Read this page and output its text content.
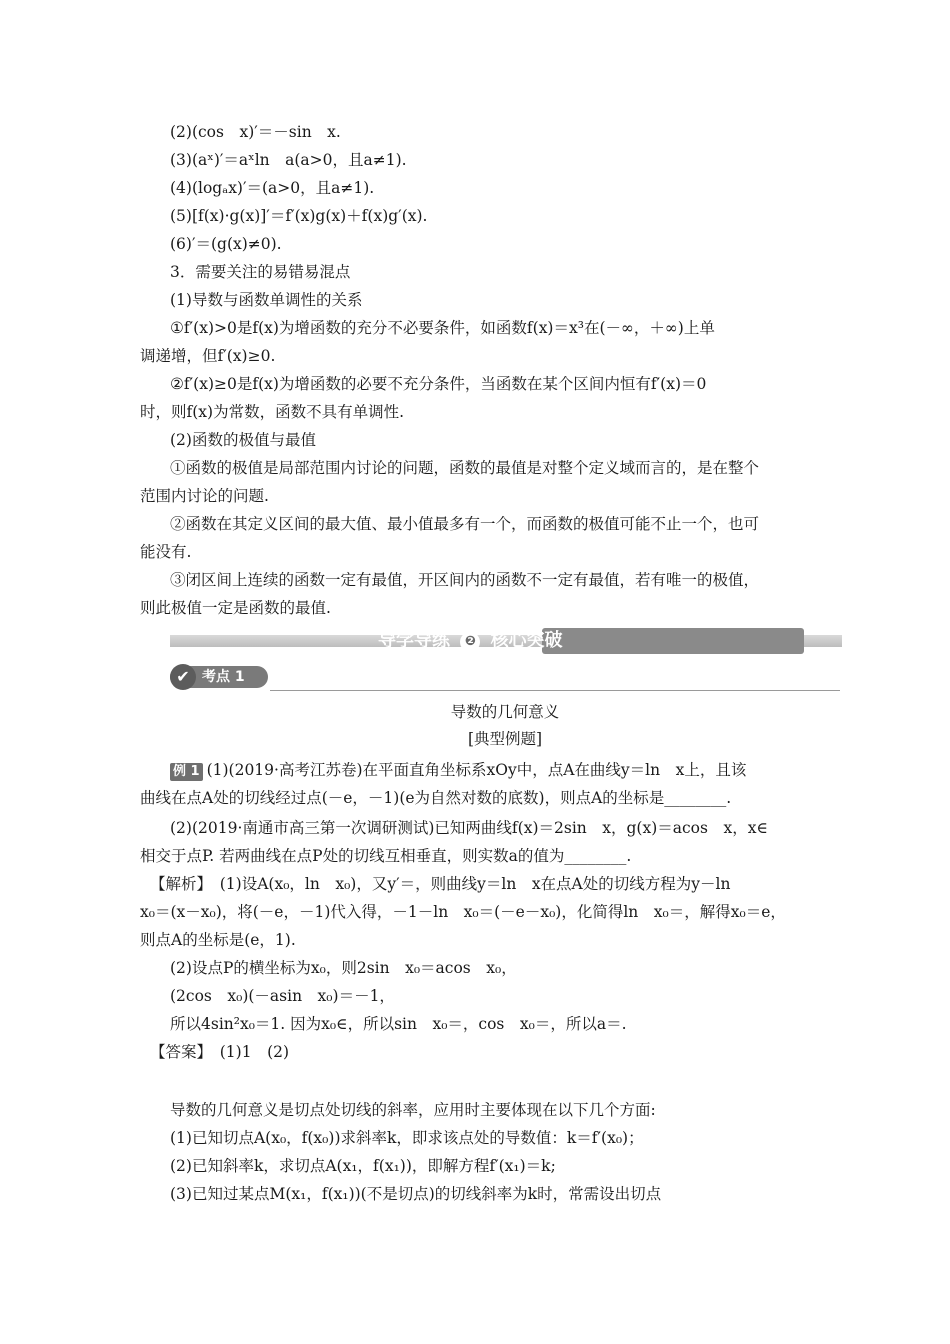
(2)(cos　x)′＝－sin　x.
(3)(aˣ)′＝aˣln　a(a>0，且a≠1).
(4)(logₐx)′＝(a>0，且a≠1).
(5)[f(x)·g(x)]′＝f′(x)g(x)＋f(x)g′(x).
(6)′＝(g(x)≠0).
3．需要关注的易错易混点
(1)导数与函数单调性的关系
①f′(x)>0是f(x)为增函数的充分不必要条件，如函数f(x)＝x³在(－∞，＋∞)上单
调递增，但f′(x)≥0.
②f′(x)≥0是f(x)为增函数的必要不充分条件，当函数在某个区间内恒有f′(x)＝0
时，则f(x)为常数，函数不具有单调性.
(2)函数的极值与最值
①函数的极值是局部范围内讨论的问题，函数的最值是对整个定义域而言的，是在整个
范围内讨论的问题.
②函数在其定义区间的最大值、最小值最多有一个，而函数的极值可能不止一个，也可
能没有.
③闭区间上连续的函数一定有最值，开区间内的函数不一定有最值，若有唯一的极值，
则此极值一定是函数的最值.
导学导练 ❷ 核心突破
✔ 考点 1
导数的几何意义
[典型例题]
例 1 (1)(2019·高考江苏卷)在平面直角坐标系xOy中，点A在曲线y＝ln　x上，且该
曲线在点A处的切线经过点(－e，－1)(e为自然对数的底数)，则点A的坐标是________.
(2)(2019·南通市高三第一次调研测试)已知两曲线f(x)＝2sin　x，g(x)＝acos　x，x∈
相交于点P. 若两曲线在点P处的切线互相垂直，则实数a的值为________.
【解析】　(1)设A(x₀，ln　x₀)，又y′＝，则曲线y＝ln　x在点A处的切线方程为y－ln
x₀＝(x－x₀)，将(－e，－1)代入得，－1－ln　x₀＝(－e－x₀)，化简得ln　x₀＝，解得x₀＝e，
则点A的坐标是(e，1).
(2)设点P的横坐标为x₀，则2sin　x₀＝acos　x₀，
(2cos　x₀)(－asin　x₀)＝－1，
所以4sin²x₀＝1. 因为x₀∈，所以sin　x₀＝，cos　x₀＝，所以a＝.
【答案】　(1)1　(2)
导数的几何意义是切点处切线的斜率，应用时主要体现在以下几个方面:
(1)已知切点A(x₀，f(x₀))求斜率k，即求该点处的导数值：k＝f′(x₀)；
(2)已知斜率k，求切点A(x₁，f(x₁))，即解方程f′(x₁)＝k;
(3)已知过某点M(x₁，f(x₁))(不是切点)的切线斜率为k时，常需设出切点
